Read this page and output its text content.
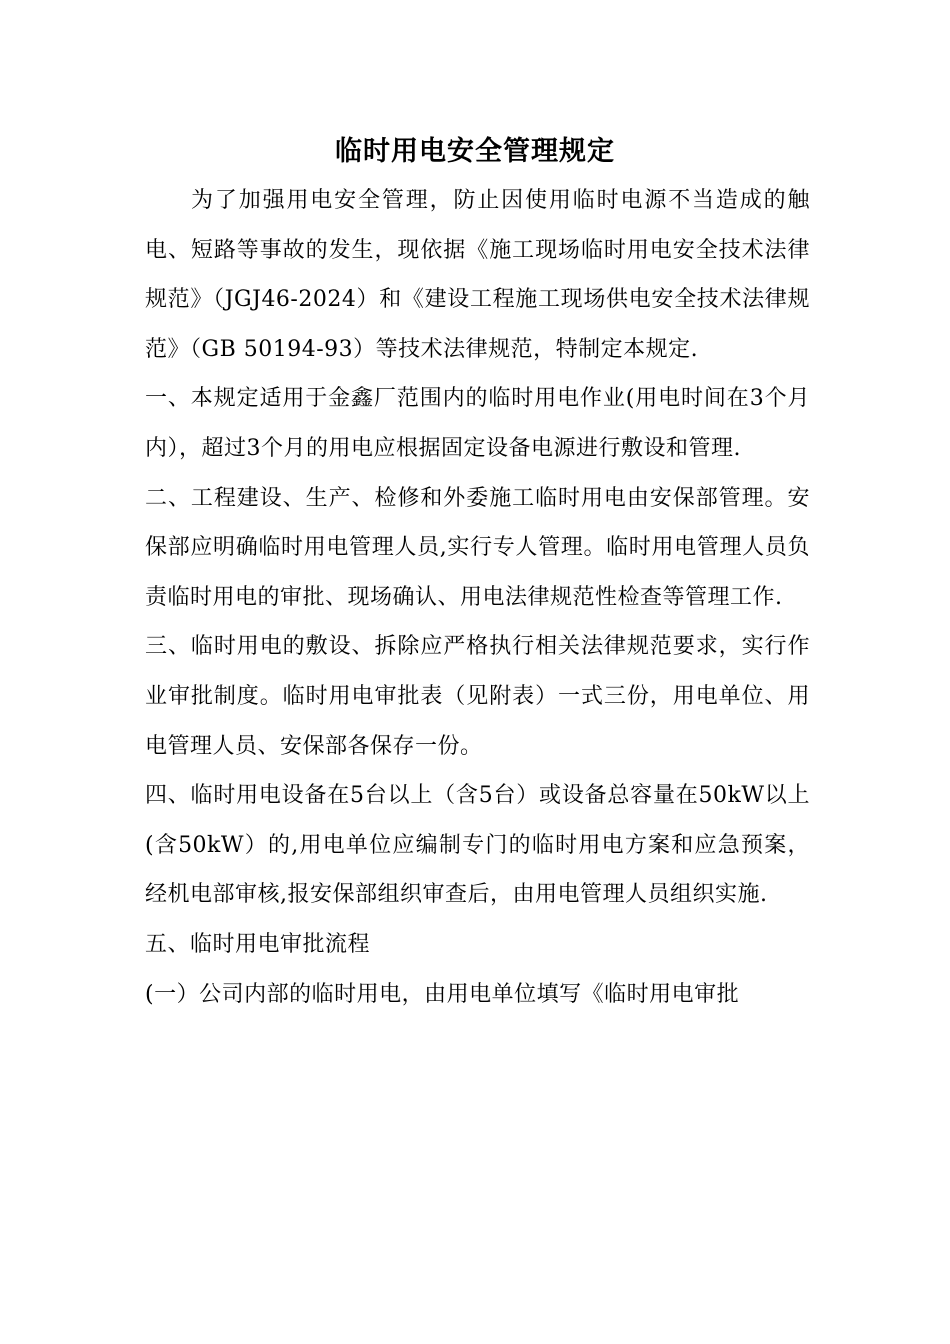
临时用电安全管理规定

为了加强用电安全管理，防止因使用临时电源不当造成的触电、短路等事故的发生，现依据《施工现场临时用电安全技术法律规范》（JGJ46-2024）和《建设工程施工现场供电安全技术法律规范》（GB 50194-93）等技术法律规范，特制定本规定.

一、本规定适用于金鑫厂范围内的临时用电作业(用电时间在3个月内），超过3个月的用电应根据固定设备电源进行敷设和管理.

二、工程建设、生产、检修和外委施工临时用电由安保部管理。安保部应明确临时用电管理人员,实行专人管理。临时用电管理人员负责临时用电的审批、现场确认、用电法律规范性检查等管理工作.

三、临时用电的敷设、拆除应严格执行相关法律规范要求，实行作业审批制度。临时用电审批表（见附表）一式三份，用电单位、用电管理人员、安保部各保存一份。

四、临时用电设备在5台以上（含5台）或设备总容量在50kW以上(含50kW）的,用电单位应编制专门的临时用电方案和应急预案，经机电部审核,报安保部组织审查后，由用电管理人员组织实施.

五、临时用电审批流程

(一）公司内部的临时用电，由用电单位填写《临时用电审批
